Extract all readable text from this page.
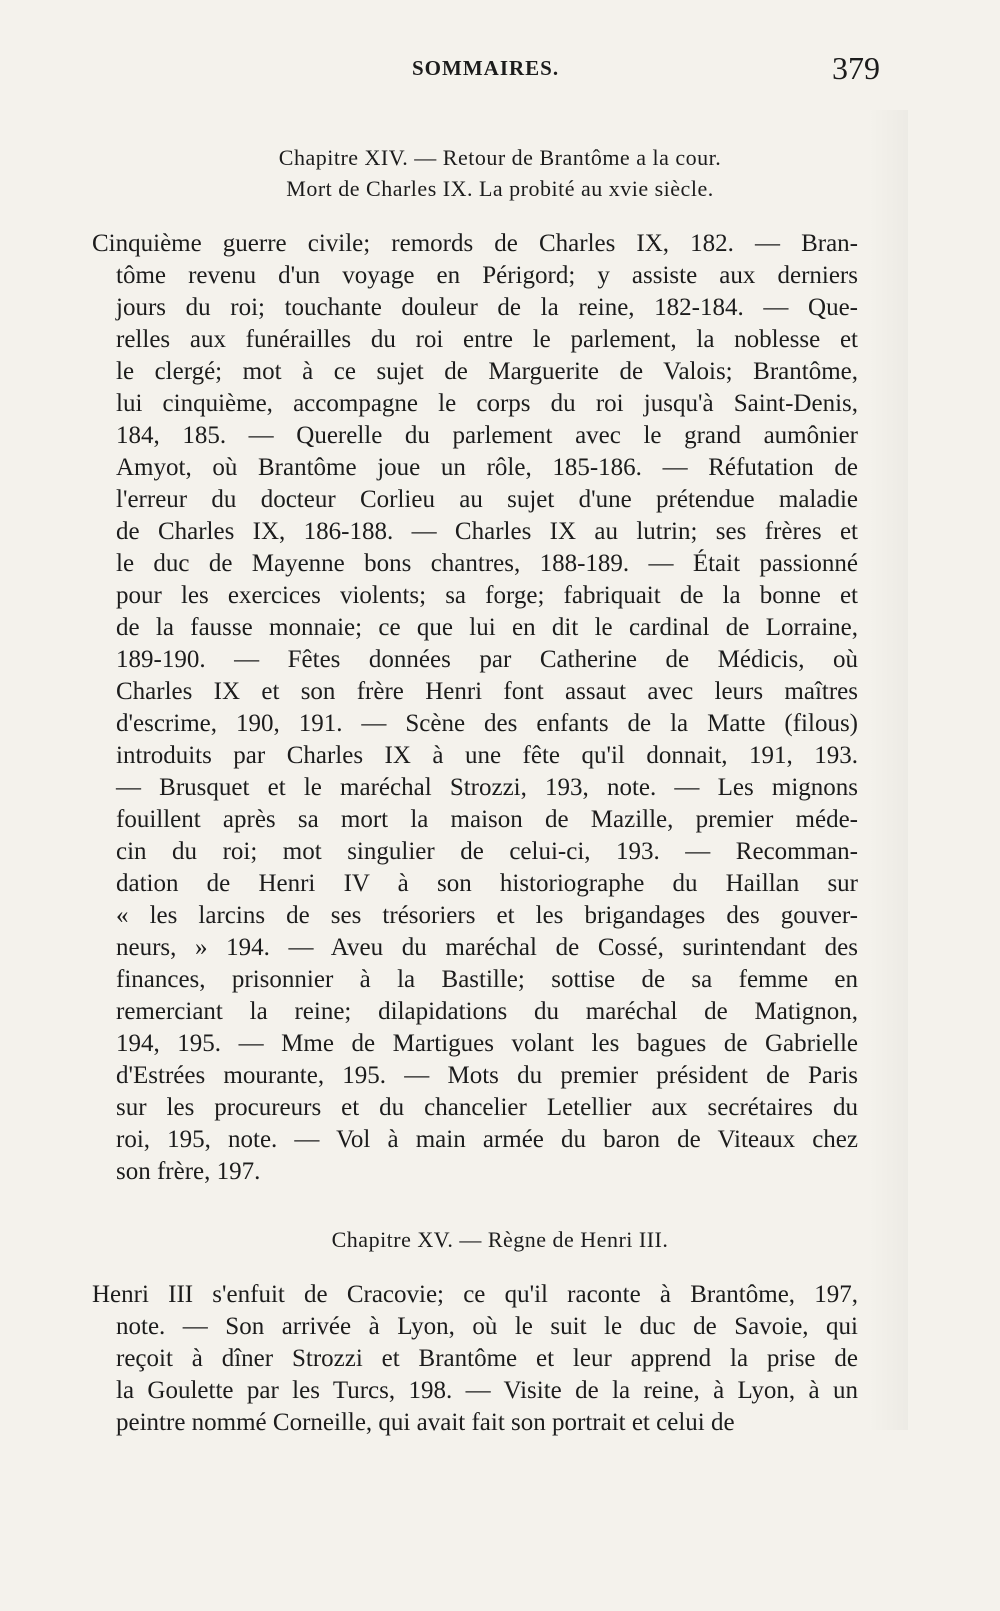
SOMMAIRES.	379
Chapitre XIV. — Retour de Brantôme a la cour.
Mort de Charles IX. La probité au xvie siècle.
Cinquième guerre civile; remords de Charles IX, 182. — Bran-
tôme revenu d'un voyage en Périgord; y assiste aux derniers
jours du roi; touchante douleur de la reine, 182-184. — Que-
relles aux funérailles du roi entre le parlement, la noblesse et
le clergé; mot à ce sujet de Marguerite de Valois; Brantôme,
lui cinquième, accompagne le corps du roi jusqu'à Saint-Denis,
184, 185. — Querelle du parlement avec le grand aumônier
Amyot, où Brantôme joue un rôle, 185-186. — Réfutation de
l'erreur du docteur Corlieu au sujet d'une prétendue maladie
de Charles IX, 186-188. — Charles IX au lutrin; ses frères et
le duc de Mayenne bons chantres, 188-189. — Était passionné
pour les exercices violents; sa forge; fabriquait de la bonne et
de la fausse monnaie; ce que lui en dit le cardinal de Lorraine,
189-190. — Fêtes données par Catherine de Médicis, où
Charles IX et son frère Henri font assaut avec leurs maîtres
d'escrime, 190, 191. — Scène des enfants de la Matte (filous)
introduits par Charles IX à une fête qu'il donnait, 191, 193.
— Brusquet et le maréchal Strozzi, 193, note. — Les mignons
fouillent après sa mort la maison de Mazille, premier méde-
cin du roi; mot singulier de celui-ci, 193. — Recomman-
dation de Henri IV à son historiographe du Haillan sur
« les larcins de ses trésoriers et les brigandages des gouver-
neurs, » 194. — Aveu du maréchal de Cossé, surintendant des
finances, prisonnier à la Bastille; sottise de sa femme en
remerciant la reine; dilapidations du maréchal de Matignon,
194, 195. — Mme de Martigues volant les bagues de Gabrielle
d'Estrées mourante, 195. — Mots du premier président de Paris
sur les procureurs et du chancelier Letellier aux secrétaires du
roi, 195, note. — Vol à main armée du baron de Viteaux chez
son frère, 197.
Chapitre XV. — Règne de Henri III.
Henri III s'enfuit de Cracovie; ce qu'il raconte à Brantôme, 197,
note. — Son arrivée à Lyon, où le suit le duc de Savoie, qui
reçoit à dîner Strozzi et Brantôme et leur apprend la prise de
la Goulette par les Turcs, 198. — Visite de la reine, à Lyon, à un
peintre nommé Corneille, qui avait fait son portrait et celui de
